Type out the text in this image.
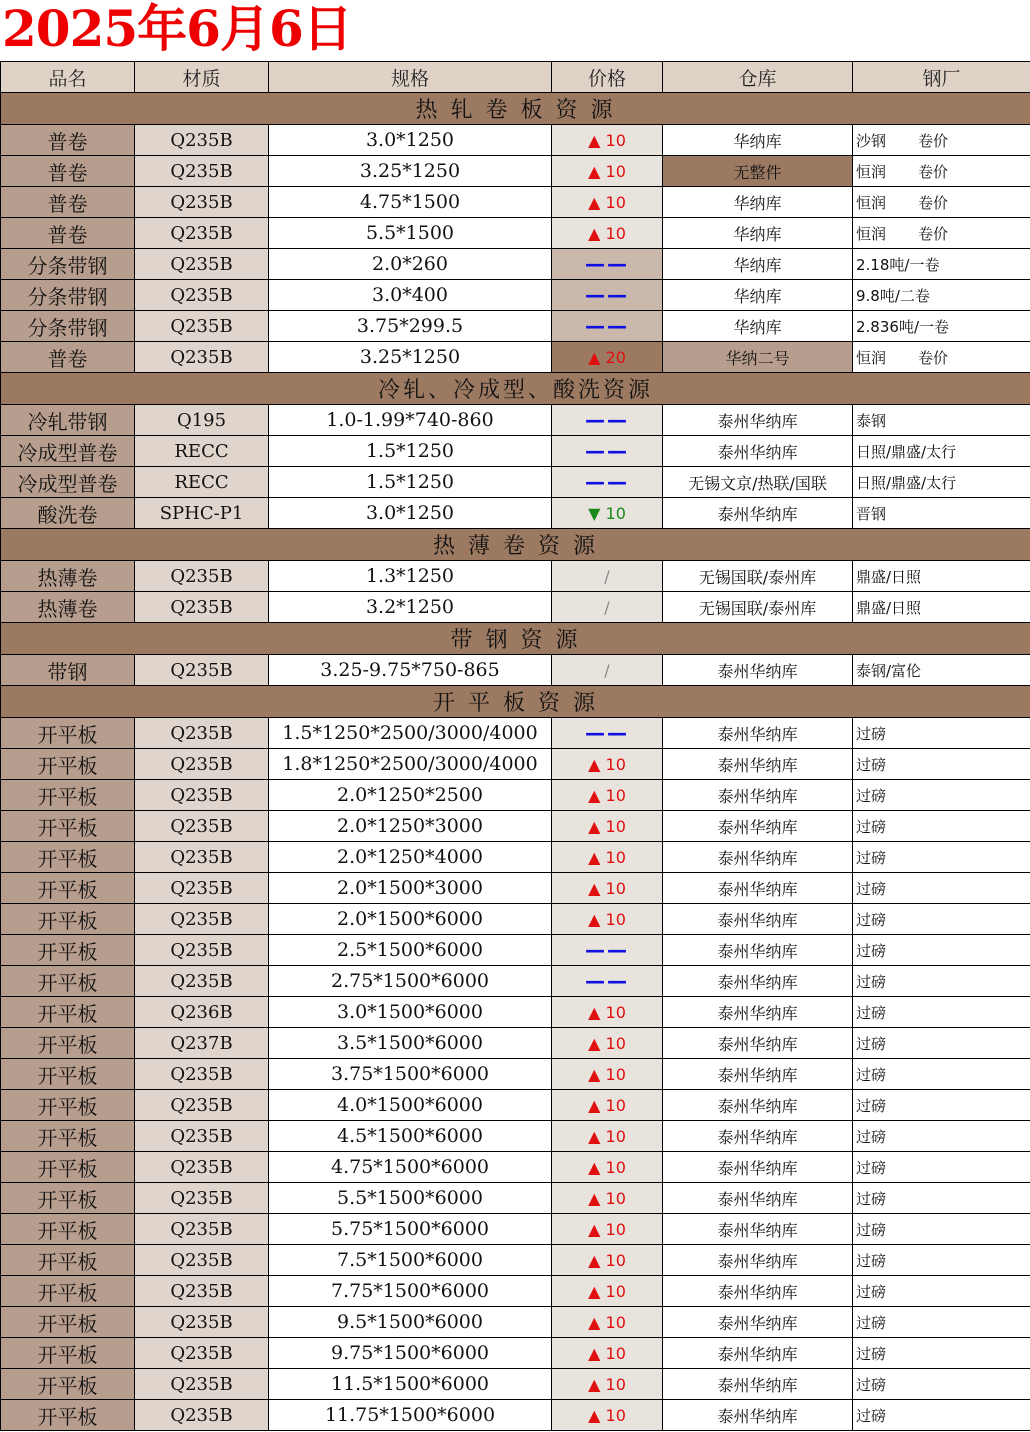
2025年6月6日
品名	材质	规格	价格	仓库	钢厂
热 轧 卷 板 资 源					
普卷	Q235B	3.0*1250	▲ 10	华纳库	沙钢 卷价
普卷	Q235B	3.25*1250	▲ 10	无整件	恒润 卷价
普卷	Q235B	4.75*1500	▲ 10	华纳库	恒润 卷价
普卷	Q235B	5.5*1500	▲ 10	华纳库	恒润 卷价
分条带钢	Q235B	2.0*260	——	华纳库	2.18吨/一卷
分条带钢	Q235B	3.0*400	——	华纳库	9.8吨/二卷
分条带钢	Q235B	3.75*299.5	——	华纳库	2.836吨/一卷
普卷	Q235B	3.25*1250	▲ 20	华纳二号	恒润 卷价
冷轧、冷成型、酸洗资源					
冷轧带钢	Q195	1.0-1.99*740-860	——	泰州华纳库	泰钢
冷成型普卷	RECC	1.5*1250	——	泰州华纳库	日照/鼎盛/太行
冷成型普卷	RECC	1.5*1250	——	无锡文京/热联/国联	日照/鼎盛/太行
酸洗卷	SPHC-P1	3.0*1250	▼ 10	泰州华纳库	晋钢
热 薄 卷 资 源					
热薄卷	Q235B	1.3*1250	/	无锡国联/泰州库	鼎盛/日照
热薄卷	Q235B	3.2*1250	/	无锡国联/泰州库	鼎盛/日照
带 钢 资 源					
带钢	Q235B	3.25-9.75*750-865	/	泰州华纳库	泰钢/富伦
开 平 板 资 源					
开平板	Q235B	1.5*1250*2500/3000/4000	——	泰州华纳库	过磅
开平板	Q235B	1.8*1250*2500/3000/4000	▲ 10	泰州华纳库	过磅
开平板	Q235B	2.0*1250*2500	▲ 10	泰州华纳库	过磅
开平板	Q235B	2.0*1250*3000	▲ 10	泰州华纳库	过磅
开平板	Q235B	2.0*1250*4000	▲ 10	泰州华纳库	过磅
开平板	Q235B	2.0*1500*3000	▲ 10	泰州华纳库	过磅
开平板	Q235B	2.0*1500*6000	▲ 10	泰州华纳库	过磅
开平板	Q235B	2.5*1500*6000	——	泰州华纳库	过磅
开平板	Q235B	2.75*1500*6000	——	泰州华纳库	过磅
开平板	Q236B	3.0*1500*6000	▲ 10	泰州华纳库	过磅
开平板	Q237B	3.5*1500*6000	▲ 10	泰州华纳库	过磅
开平板	Q235B	3.75*1500*6000	▲ 10	泰州华纳库	过磅
开平板	Q235B	4.0*1500*6000	▲ 10	泰州华纳库	过磅
开平板	Q235B	4.5*1500*6000	▲ 10	泰州华纳库	过磅
开平板	Q235B	4.75*1500*6000	▲ 10	泰州华纳库	过磅
开平板	Q235B	5.5*1500*6000	▲ 10	泰州华纳库	过磅
开平板	Q235B	5.75*1500*6000	▲ 10	泰州华纳库	过磅
开平板	Q235B	7.5*1500*6000	▲ 10	泰州华纳库	过磅
开平板	Q235B	7.75*1500*6000	▲ 10	泰州华纳库	过磅
开平板	Q235B	9.5*1500*6000	▲ 10	泰州华纳库	过磅
开平板	Q235B	9.75*1500*6000	▲ 10	泰州华纳库	过磅
开平板	Q235B	11.5*1500*6000	▲ 10	泰州华纳库	过磅
开平板	Q235B	11.75*1500*6000	▲ 10	泰州华纳库	过磅
